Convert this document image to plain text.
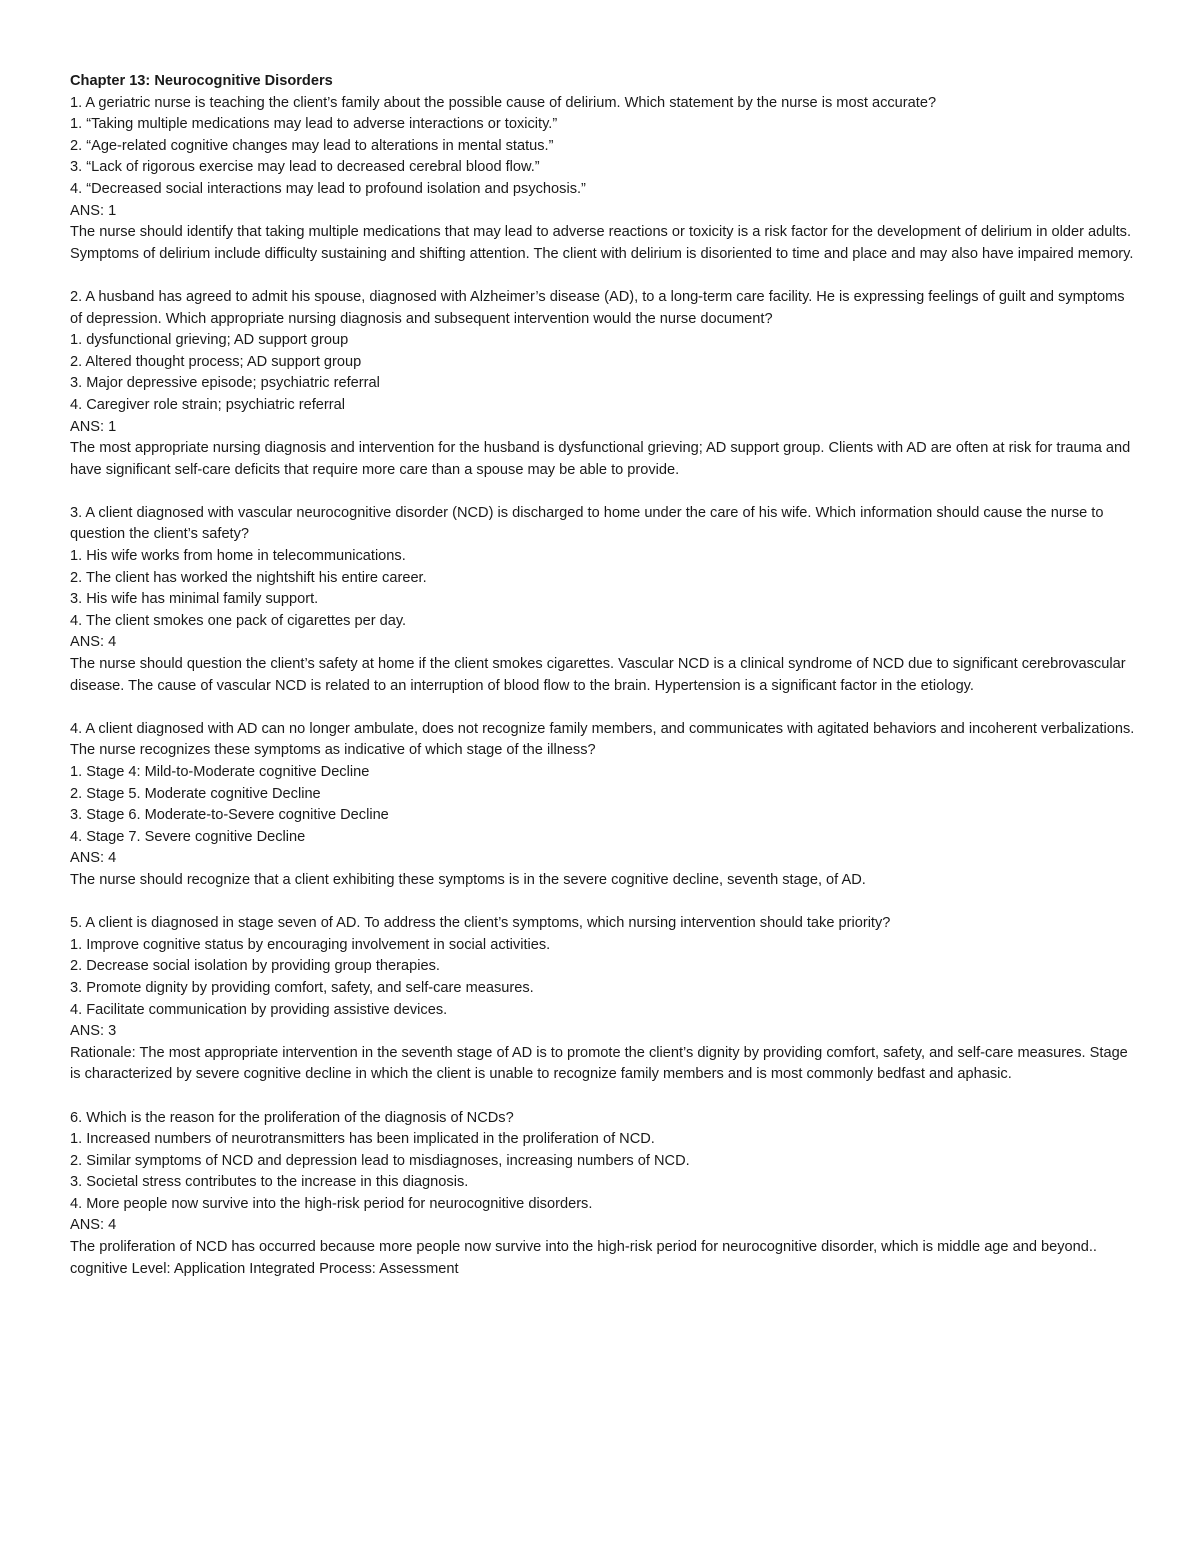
Chapter 13: Neurocognitive Disorders

1. A geriatric nurse is teaching the client’s family about the possible cause of delirium. Which statement by the nurse is most accurate?

1. “Taking multiple medications may lead to adverse interactions or toxicity.”

2. “Age-related cognitive changes may lead to alterations in mental status.”

3. “Lack of rigorous exercise may lead to decreased cerebral blood flow.”

4. “Decreased social interactions may lead to profound isolation and psychosis.”

ANS: 1

The nurse should identify that taking multiple medications that may lead to adverse reactions or toxicity is a risk factor for the development of delirium in older adults. Symptoms of delirium include difficulty sustaining and shifting attention. The client with delirium is disoriented to time and place and may also have impaired memory.

2. A husband has agreed to admit his spouse, diagnosed with Alzheimer’s disease (AD), to a long-term care facility. He is expressing feelings of guilt and symptoms of depression. Which appropriate nursing diagnosis and subsequent intervention would the nurse document?

1. dysfunctional grieving; AD support group

2. Altered thought process; AD support group

3. Major depressive episode; psychiatric referral

4. Caregiver role strain; psychiatric referral

ANS: 1

The most appropriate nursing diagnosis and intervention for the husband is dysfunctional grieving; AD support group. Clients with AD are often at risk for trauma and have significant self-care deficits that require more care than a spouse may be able to provide.

3. A client diagnosed with vascular neurocognitive disorder (NCD) is discharged to home under the care of his wife. Which information should cause the nurse to question the client’s safety?

1. His wife works from home in telecommunications.

2. The client has worked the nightshift his entire career.

3. His wife has minimal family support.

4. The client smokes one pack of cigarettes per day.

ANS: 4

The nurse should question the client’s safety at home if the client smokes cigarettes. Vascular NCD is a clinical syndrome of NCD due to significant cerebrovascular disease. The cause of vascular NCD is related to an interruption of blood flow to the brain. Hypertension is a significant factor in the etiology.

4. A client diagnosed with AD can no longer ambulate, does not recognize family members, and communicates with agitated behaviors and incoherent verbalizations. The nurse recognizes these symptoms as indicative of which stage of the illness?

1. Stage 4: Mild-to-Moderate cognitive Decline

2. Stage 5. Moderate cognitive Decline

3. Stage 6. Moderate-to-Severe cognitive Decline

4. Stage 7. Severe cognitive Decline

ANS: 4

The nurse should recognize that a client exhibiting these symptoms is in the severe cognitive decline, seventh stage, of AD.

5. A client is diagnosed in stage seven of AD. To address the client’s symptoms, which nursing intervention should take priority?

1. Improve cognitive status by encouraging involvement in social activities.

2. Decrease social isolation by providing group therapies.

3. Promote dignity by providing comfort, safety, and self-care measures.

4. Facilitate communication by providing assistive devices.

ANS: 3

Rationale: The most appropriate intervention in the seventh stage of AD is to promote the client’s dignity by providing comfort, safety, and self-care measures. Stage is characterized by severe cognitive decline in which the client is unable to recognize family members and is most commonly bedfast and aphasic.

6. Which is the reason for the proliferation of the diagnosis of NCDs?

1. Increased numbers of neurotransmitters has been implicated in the proliferation of NCD.

2. Similar symptoms of NCD and depression lead to misdiagnoses, increasing numbers of NCD.

3. Societal stress contributes to the increase in this diagnosis.

4. More people now survive into the high-risk period for neurocognitive disorders.

ANS: 4

The proliferation of NCD has occurred because more people now survive into the high-risk period for neurocognitive disorder, which is middle age and beyond.. cognitive Level: Application Integrated Process: Assessment
